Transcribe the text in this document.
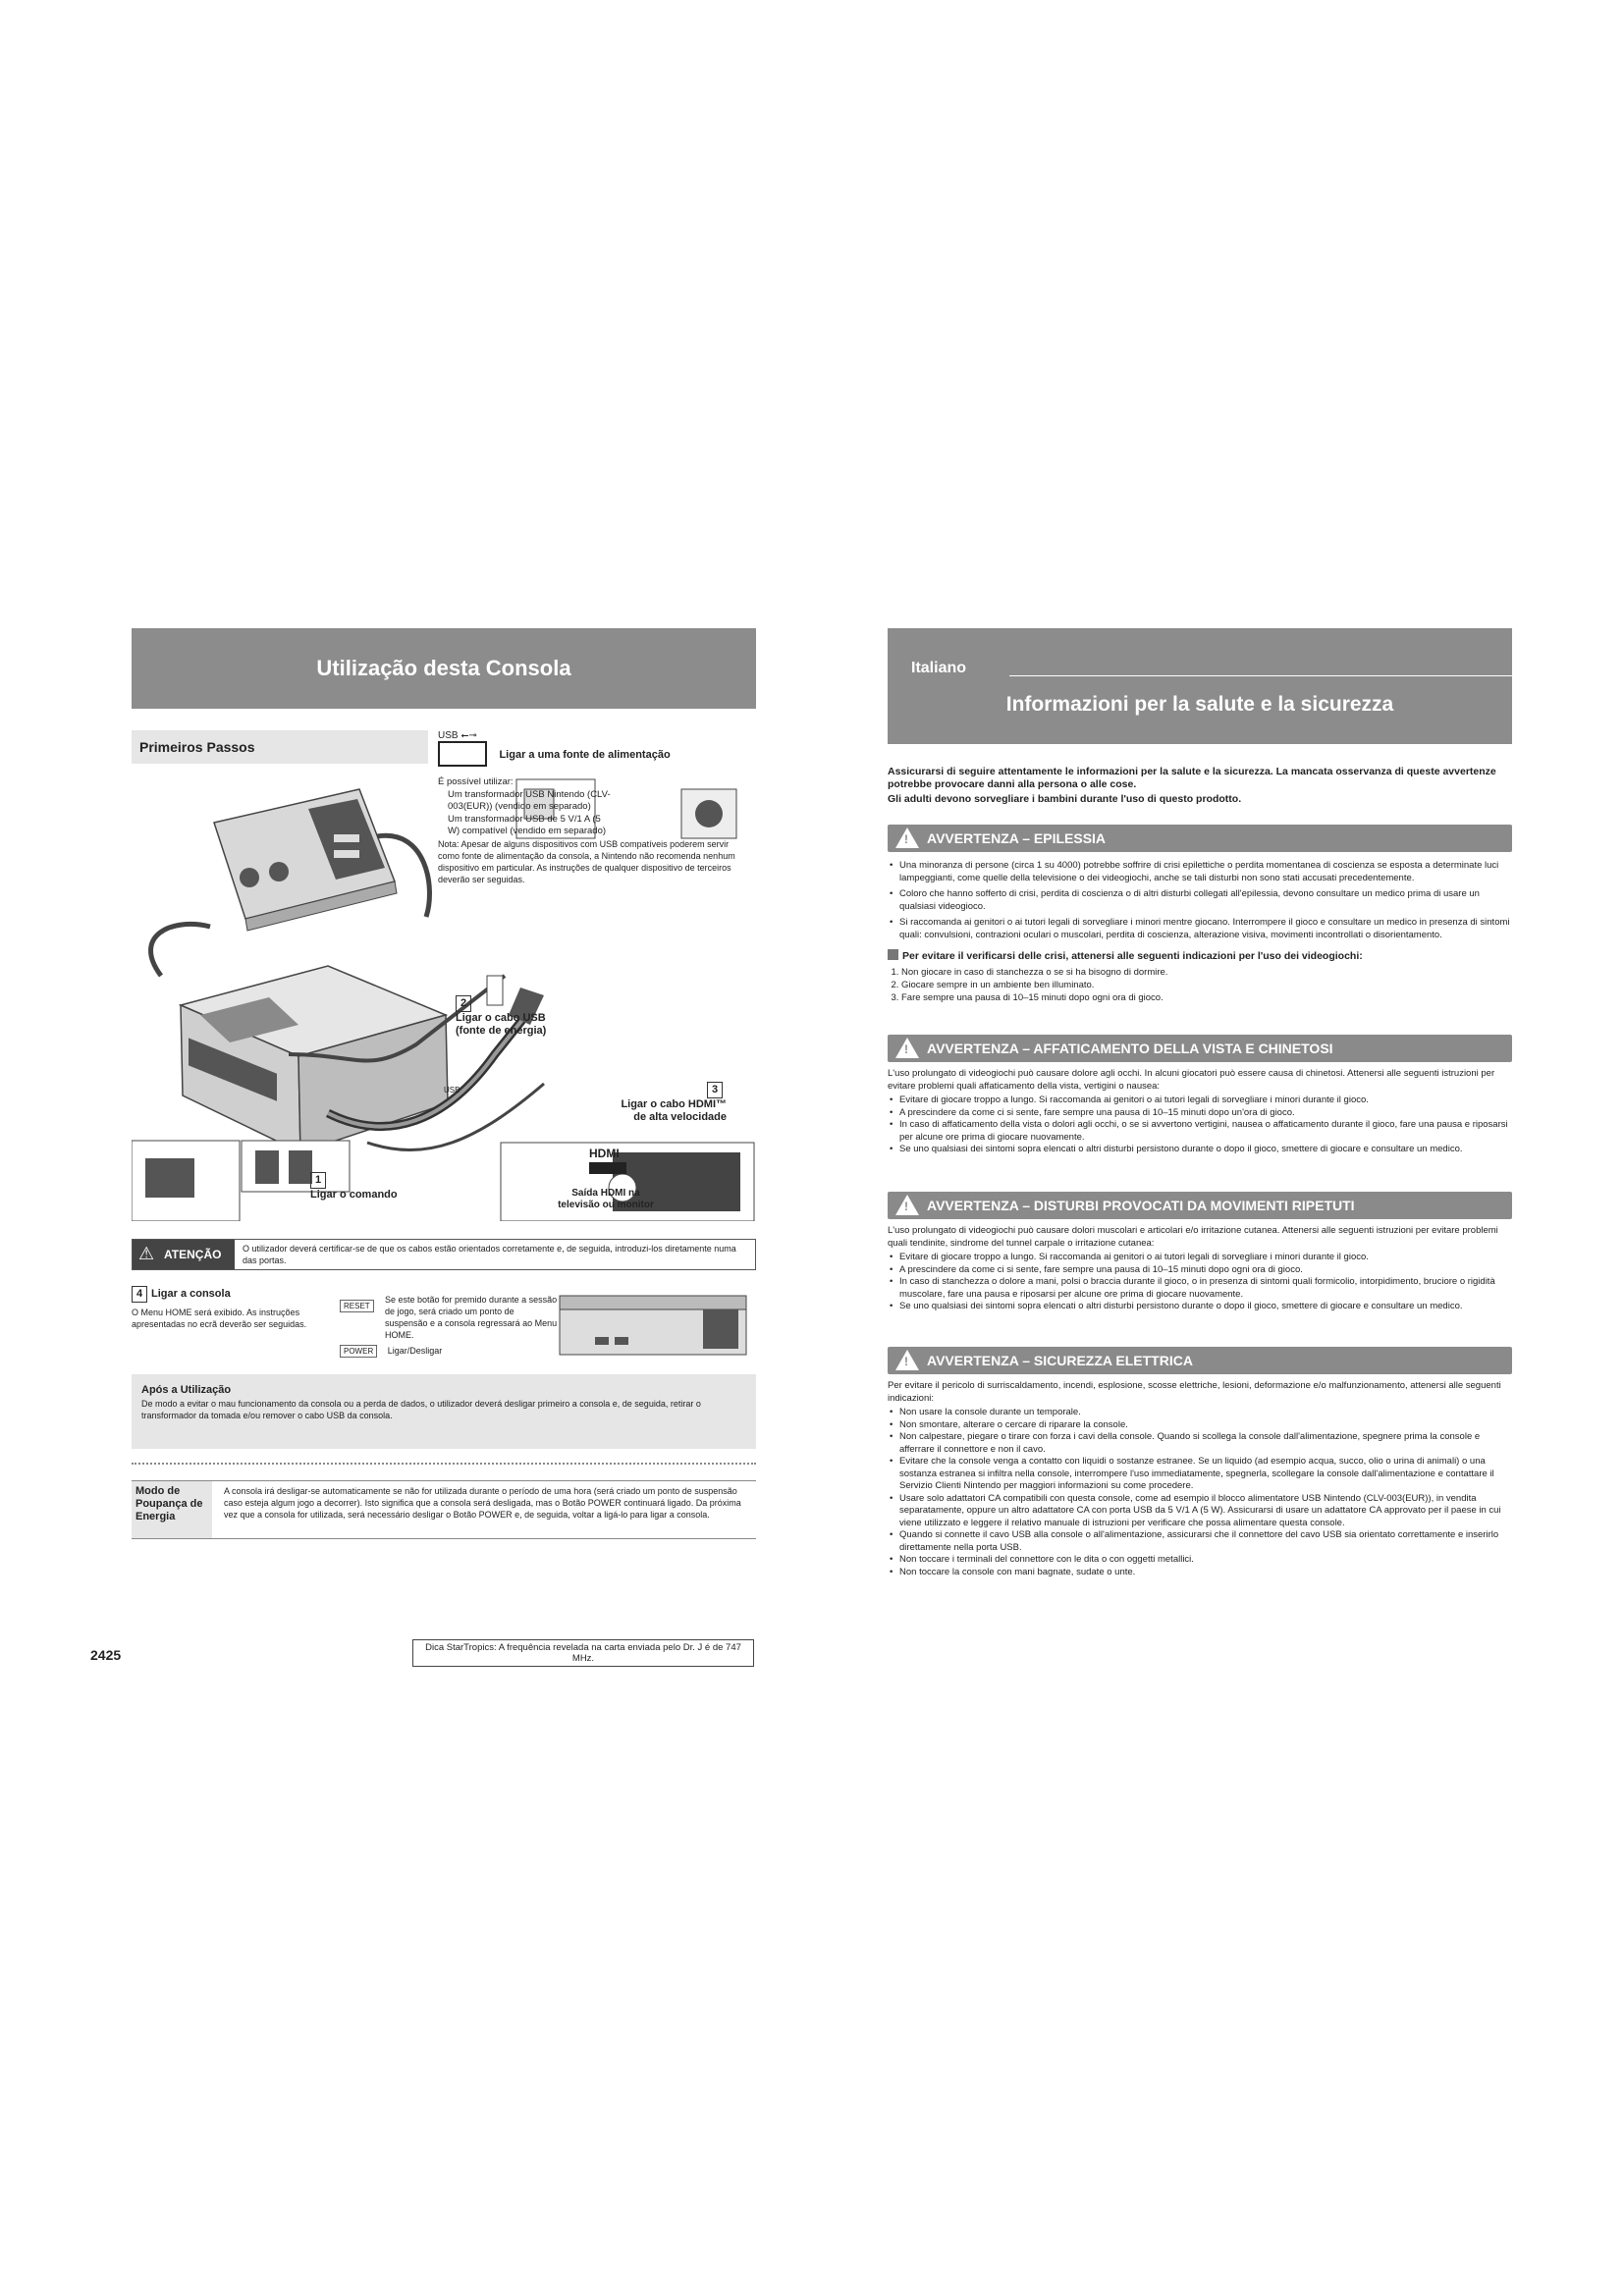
Utilização desta Consola
Primeiros Passos
USB ⭠⊸
Ligar a uma fonte de alimentação
É possível utilizar:
Um transformador USB Nintendo (CLV-003(EUR)) (vendido em separado)
Um transformador USB de 5 V/1 A (5 W) compatível (vendido em separado)
Nota: Apesar de alguns dispositivos com USB compatíveis poderem servir como fonte de alimentação da consola, a Nintendo não recomenda nenhum dispositivo em particular. As instruções de qualquer dispositivo de terceiros deverão ser seguidas.
2
Ligar o cabo USB (fonte de energia)
3
Ligar o cabo HDMI™ de alta velocidade
USB
HDMI
Saída HDMI na televisão ou monitor
1
Ligar o comando
⚠ ATENÇÃO O utilizador deverá certificar-se de que os cabos estão orientados corretamente e, de seguida, introduzi-los diretamente numa das portas.
4 Ligar a consola
O Menu HOME será exibido. As instruções apresentadas no ecrã deverão ser seguidas.
RESET
Se este botão for premido durante a sessão de jogo, será criado um ponto de suspensão e a consola regressará ao Menu HOME.
POWER Ligar/Desligar
Após a Utilização
De modo a evitar o mau funcionamento da consola ou a perda de dados, o utilizador deverá desligar primeiro a consola e, de seguida, retirar o transformador da tomada e/ou remover o cabo USB da consola.
Modo de Poupança de Energia
A consola irá desligar-se automaticamente se não for utilizada durante o período de uma hora (será criado um ponto de suspensão caso esteja algum jogo a decorrer). Isto significa que a consola será desligada, mas o Botão POWER continuará ligado. Da próxima vez que a consola for utilizada, será necessário desligar o Botão POWER e, de seguida, voltar a ligá-lo para ligar a consola.
2425	Dica StarTropics: A frequência revelada na carta enviada pelo Dr. J é de 747 MHz.
Italiano
Informazioni per la salute e la sicurezza
Assicurarsi di seguire attentamente le informazioni per la salute e la sicurezza. La mancata osservanza di queste avvertenze potrebbe provocare danni alla persona o alle cose.
Gli adulti devono sorvegliare i bambini durante l'uso di questo prodotto.
! AVVERTENZA – EPILESSIA
• Una minoranza di persone (circa 1 su 4000) potrebbe soffrire di crisi epilettiche o perdita momentanea di coscienza se esposta a determinate luci lampeggianti, come quelle della televisione o dei videogiochi, anche se tali disturbi non sono stati accusati precedentemente.
• Coloro che hanno sofferto di crisi, perdita di coscienza o di altri disturbi collegati all'epilessia, devono consultare un medico prima di usare un qualsiasi videogioco.
• Si raccomanda ai genitori o ai tutori legali di sorvegliare i minori mentre giocano. Interrompere il gioco e consultare un medico in presenza di sintomi quali: convulsioni, contrazioni oculari o muscolari, perdita di coscienza, alterazione visiva, movimenti incontrollati o disorientamento.
Per evitare il verificarsi delle crisi, attenersi alle seguenti indicazioni per l'uso dei videogiochi:
1. Non giocare in caso di stanchezza o se si ha bisogno di dormire.
2. Giocare sempre in un ambiente ben illuminato.
3. Fare sempre una pausa di 10–15 minuti dopo ogni ora di gioco.
! AVVERTENZA – AFFATICAMENTO DELLA VISTA E CHINETOSI
L'uso prolungato di videogiochi può causare dolore agli occhi. In alcuni giocatori può essere causa di chinetosi. Attenersi alle seguenti istruzioni per evitare problemi quali affaticamento della vista, vertigini o nausea:
• Evitare di giocare troppo a lungo. Si raccomanda ai genitori o ai tutori legali di sorvegliare i minori durante il gioco.
• A prescindere da come ci si sente, fare sempre una pausa di 10–15 minuti dopo un'ora di gioco.
• In caso di affaticamento della vista o dolori agli occhi, o se si avvertono vertigini, nausea o affaticamento durante il gioco, fare una pausa e riposarsi per alcune ore prima di giocare nuovamente.
• Se uno qualsiasi dei sintomi sopra elencati o altri disturbi persistono durante o dopo il gioco, smettere di giocare e consultare un medico.
! AVVERTENZA – DISTURBI PROVOCATI DA MOVIMENTI RIPETUTI
L'uso prolungato di videogiochi può causare dolori muscolari e articolari e/o irritazione cutanea. Attenersi alle seguenti istruzioni per evitare problemi quali tendinite, sindrome del tunnel carpale o irritazione cutanea:
• Evitare di giocare troppo a lungo. Si raccomanda ai genitori o ai tutori legali di sorvegliare i minori durante il gioco.
• A prescindere da come ci si sente, fare sempre una pausa di 10–15 minuti dopo ogni ora di gioco.
• In caso di stanchezza o dolore a mani, polsi o braccia durante il gioco, o in presenza di sintomi quali formicolio, intorpidimento, bruciore o rigidità muscolare, fare una pausa e riposarsi per alcune ore prima di giocare nuovamente.
• Se uno qualsiasi dei sintomi sopra elencati o altri disturbi persistono durante o dopo il gioco, smettere di giocare e consultare un medico.
! AVVERTENZA – SICUREZZA ELETTRICA
Per evitare il pericolo di surriscaldamento, incendi, esplosione, scosse elettriche, lesioni, deformazione e/o malfunzionamento, attenersi alle seguenti indicazioni:
• Non usare la console durante un temporale.
• Non smontare, alterare o cercare di riparare la console.
• Non calpestare, piegare o tirare con forza i cavi della console. Quando si scollega la console dall'alimentazione, spegnere prima la console e afferrare il connettore e non il cavo.
• Evitare che la console venga a contatto con liquidi o sostanze estranee. Se un liquido (ad esempio acqua, succo, olio o urina di animali) o una sostanza estranea si infiltra nella console, interrompere l'uso immediatamente, spegnerla, scollegare la console dall'alimentazione e contattare il Servizio Clienti Nintendo per maggiori informazioni su come procedere.
• Usare solo adattatori CA compatibili con questa console, come ad esempio il blocco alimentatore USB Nintendo (CLV-003(EUR)), in vendita separatamente, oppure un altro adattatore CA con porta USB da 5 V/1 A (5 W). Assicurarsi di usare un adattatore CA approvato per il paese in cui viene utilizzato e leggere il relativo manuale di istruzioni per verificare che possa alimentare questa console.
• Quando si connette il cavo USB alla console o all'alimentazione, assicurarsi che il connettore del cavo USB sia orientato correttamente e inserirlo direttamente nella porta USB.
• Non toccare i terminali del connettore con le dita o con oggetti metallici.
• Non toccare la console con mani bagnate, sudate o unte.
